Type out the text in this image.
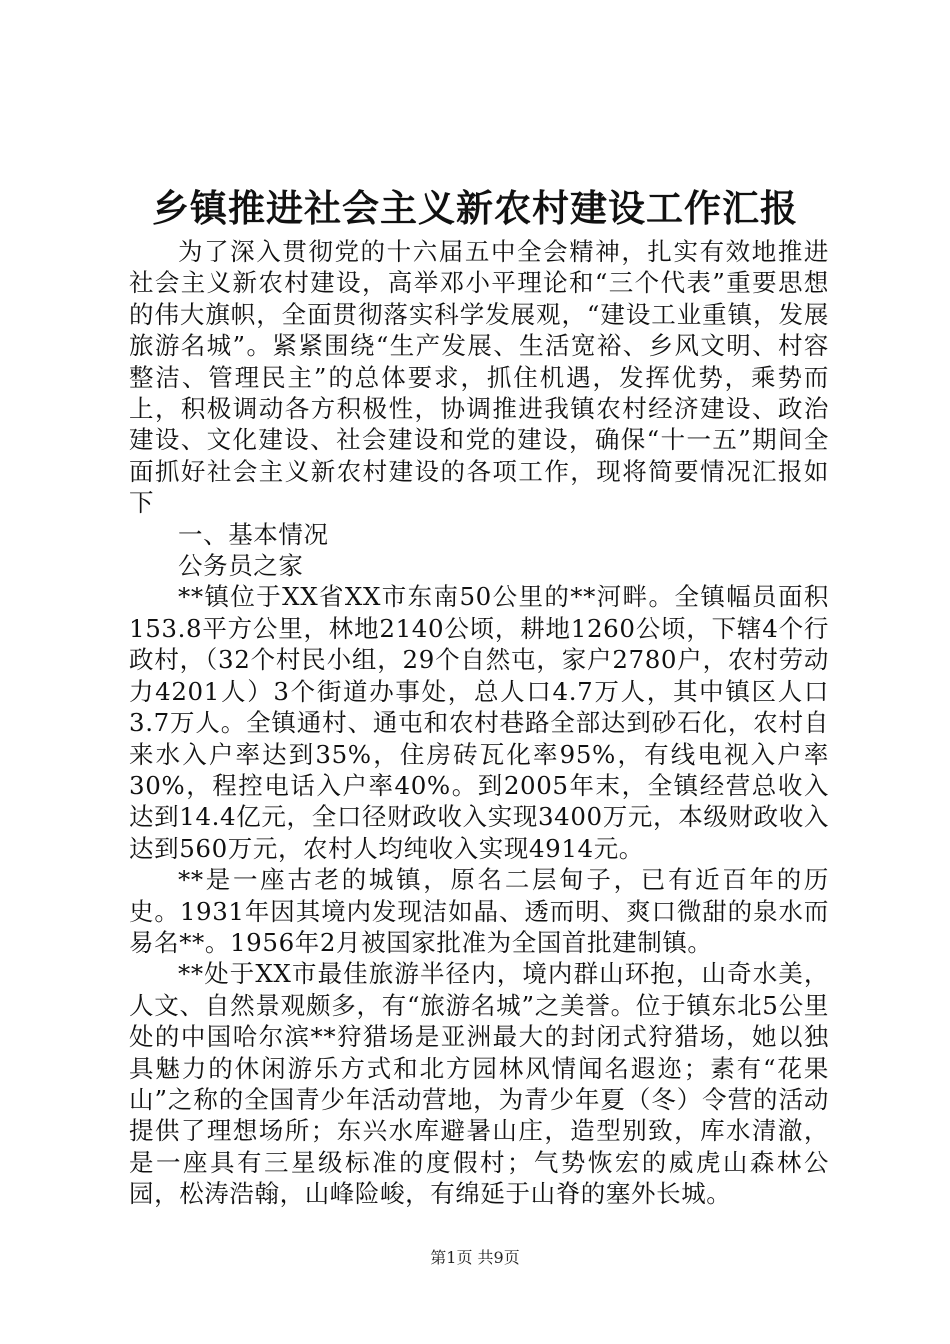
乡镇推进社会主义新农村建设工作汇报

为了深入贯彻党的十六届五中全会精神，扎实有效地推进社会主义新农村建设，高举邓小平理论和“三个代表”重要思想的伟大旗帜，全面贯彻落实科学发展观，“建设工业重镇，发展旅游名城”。紧紧围绕“生产发展、生活宽裕、乡风文明、村容整洁、管理民主”的总体要求，抓住机遇，发挥优势，乘势而上，积极调动各方积极性，协调推进我镇农村经济建设、政治建设、文化建设、社会建设和党的建设，确保“十一五”期间全面抓好社会主义新农村建设的各项工作，现将简要情况汇报如下

一、基本情况

公务员之家

**镇位于XX省XX市东南50公里的**河畔。全镇幅员面积153.8平方公里，林地2140公顷，耕地1260公顷，下辖4个行政村，（32个村民小组，29个自然屯，家户2780户，农村劳动力4201人）3个街道办事处，总人口4.7万人，其中镇区人口3.7万人。全镇通村、通屯和农村巷路全部达到砂石化，农村自来水入户率达到35%，住房砖瓦化率95%，有线电视入户率30%，程控电话入户率40%。到2005年末，全镇经营总收入达到14.4亿元，全口径财政收入实现3400万元，本级财政收入达到560万元，农村人均纯收入实现4914元。

**是一座古老的城镇，原名二层甸子，已有近百年的历史。1931年因其境内发现洁如晶、透而明、爽口微甜的泉水而易名**。1956年2月被国家批准为全国首批建制镇。

**处于XX市最佳旅游半径内，境内群山环抱，山奇水美，人文、自然景观颇多，有“旅游名城”之美誉。位于镇东北5公里处的中国哈尔滨**狩猎场是亚洲最大的封闭式狩猎场，她以独具魅力的休闲游乐方式和北方园林风情闻名遐迩；素有“花果山”之称的全国青少年活动营地，为青少年夏（冬）令营的活动提供了理想场所；东兴水库避暑山庄，造型别致，库水清澈，是一座具有三星级标准的度假村；气势恢宏的威虎山森林公园，松涛浩翰，山峰险峻，有绵延于山脊的塞外长城。

第1页 共9页
